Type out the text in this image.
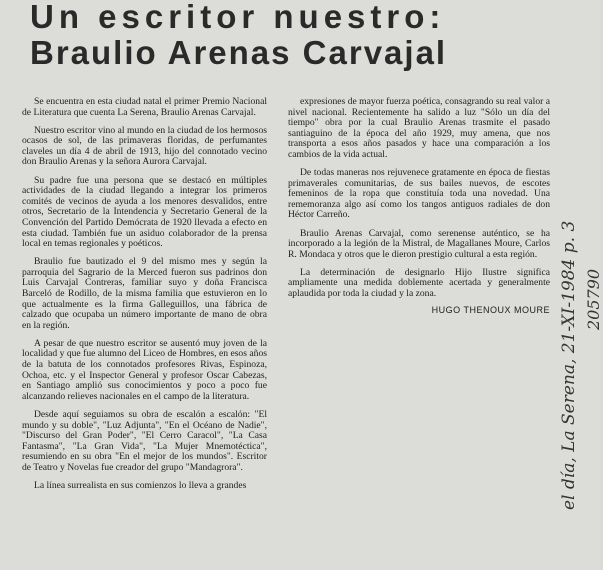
Un escritor nuestro:
Braulio Arenas Carvajal

Se encuentra en esta ciudad natal el primer Premio Nacional de Literatura que cuenta La Serena, Braulio Arenas Carvajal.

Nuestro escritor vino al mundo en la ciudad de los hermosos ocasos de sol, de las primaveras floridas, de perfumantes claveles un día 4 de abril de 1913, hijo del connotado vecino don Braulio Arenas y la señora Aurora Carvajal.

Su padre fue una persona que se destacó en múltiples actividades de la ciudad llegando a integrar los primeros comités de vecinos de ayuda a los menores desvalidos, entre otros, Secretario de la Intendencia y Secretario General de la Convención del Partido Demócrata de 1920 llevada a efecto en esta ciudad. También fue un asiduo colaborador de la prensa local en temas regionales y poéticos.

Braulio fue bautizado el 9 del mismo mes y según la parroquia del Sagrario de la Merced fueron sus padrinos don Luis Carvajal Contreras, familiar suyo y doña Francisca Barceló de Rodillo, de la misma familia que estuvieron en lo que actualmente es la firma Galleguillos, una fábrica de calzado que ocupaba un número importante de mano de obra en la región.

A pesar de que nuestro escritor se ausentó muy joven de la localidad y que fue alumno del Liceo de Hombres, en esos años de la batuta de los connotados profesores Rivas, Espinoza, Ochoa, etc. y el Inspector General y profesor Oscar Cabezas, en Santiago amplió sus conocimientos y poco a poco fue alcanzando relieves nacionales en el campo de la literatura.

Desde aquí seguiamos su obra de escalón a escalón: "El mundo y su doble", "Luz Adjunta", "En el Océano de Nadie", "Discurso del Gran Poder", "El Cerro Caracol", "La Casa Fantasma", "La Gran Vida", "La Mujer Mnemotéctica", resumiendo en su obra "En el mejor de los mundos". Escritor de Teatro y Novelas fue creador del grupo "Mandagrora".

La línea surrealista en sus comienzos lo lleva a grandes

expresiones de mayor fuerza poética, consagrando su real valor a nivel nacional. Recientemente ha salido a luz "Sólo un día del tiempo" obra por la cual Braulio Arenas trasmite el pasado santiaguino de la época del año 1929, muy amena, que nos transporta a esos años pasados y hace una comparación a los cambios de la vida actual.

De todas maneras nos rejuvenece gratamente en época de fiestas primaverales comunitarias, de sus bailes nuevos, de escotes femeninos de la ropa que constituía toda una novedad. Una rememoranza algo así como los tangos antiguos radiales de don Héctor Carreño.

Braulio Arenas Carvajal, como serenense auténtico, se ha incorporado a la legión de la Mistral, de Magallanes Moure, Carlos R. Mondaca y otros que le dieron prestigio cultural a esta región.

La determinación de designarlo Hijo Ilustre significa ampliamente una medida doblemente acertada y generalmente aplaudida por toda la ciudad y la zona.

HUGO THENOUX MOURE el día, La Serena, 21-XI-1984 p. 3 205790
